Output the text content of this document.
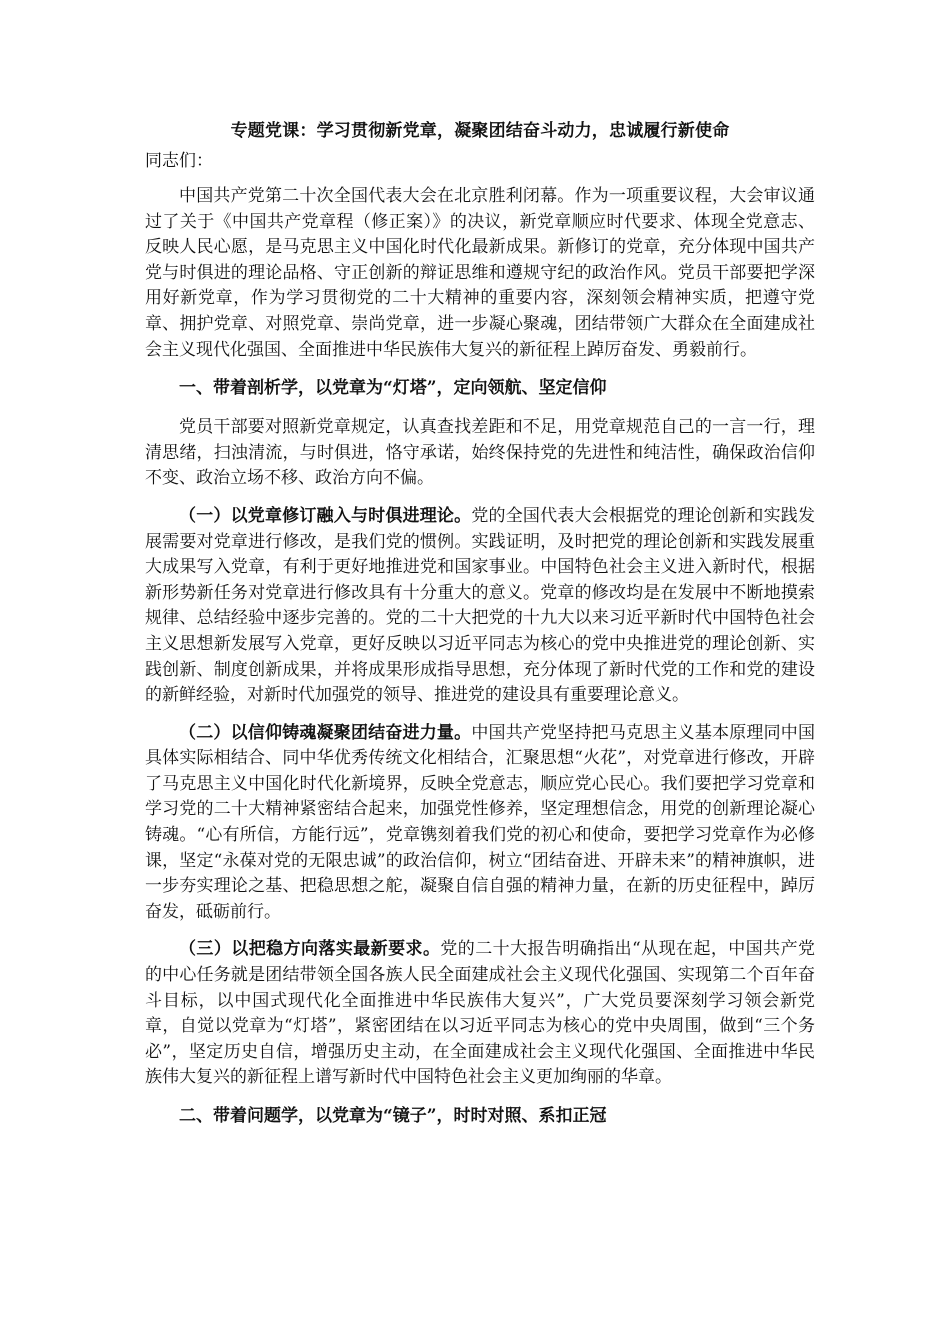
专题党课：学习贯彻新党章，凝聚团结奋斗动力，忠诚履行新使命
同志们：

中国共产党第二十次全国代表大会在北京胜利闭幕。作为一项重要议程，大会审议通过了关于《中国共产党章程（修正案）》的决议，新党章顺应时代要求、体现全党意志、反映人民心愿，是马克思主义中国化时代化最新成果。新修订的党章，充分体现中国共产党与时俱进的理论品格、守正创新的辩证思维和遵规守纪的政治作风。党员干部要把学深用好新党章，作为学习贯彻党的二十大精神的重要内容，深刻领会精神实质，把遵守党章、拥护党章、对照党章、崇尚党章，进一步凝心聚魂，团结带领广大群众在全面建成社会主义现代化强国、全面推进中华民族伟大复兴的新征程上踔厉奋发、勇毅前行。

一、带着剖析学，以党章为“灯塔”，定向领航、坚定信仰

党员干部要对照新党章规定，认真查找差距和不足，用党章规范自己的一言一行，理清思绪，扫浊清流，与时俱进，恪守承诺，始终保持党的先进性和纯洁性，确保政治信仰不变、政治立场不移、政治方向不偏。

（一）以党章修订融入与时俱进理论。党的全国代表大会根据党的理论创新和实践发展需要对党章进行修改，是我们党的惯例。实践证明，及时把党的理论创新和实践发展重大成果写入党章，有利于更好地推进党和国家事业。中国特色社会主义进入新时代，根据新形势新任务对党章进行修改具有十分重大的意义。党章的修改均是在发展中不断地摸索规律、总结经验中逐步完善的。党的二十大把党的十九大以来习近平新时代中国特色社会主义思想新发展写入党章，更好反映以习近平同志为核心的党中央推进党的理论创新、实践创新、制度创新成果，并将成果形成指导思想，充分体现了新时代党的工作和党的建设的新鲜经验，对新时代加强党的领导、推进党的建设具有重要理论意义。

（二）以信仰铸魂凝聚团结奋进力量。中国共产党坚持把马克思主义基本原理同中国具体实际相结合、同中华优秀传统文化相结合，汇聚思想“火花”，对党章进行修改，开辟了马克思主义中国化时代化新境界，反映全党意志，顺应党心民心。我们要把学习党章和学习党的二十大精神紧密结合起来，加强党性修养，坚定理想信念，用党的创新理论凝心铸魂。“心有所信，方能行远”，党章镌刻着我们党的初心和使命，要把学习党章作为必修课，坚定“永葆对党的无限忠诚”的政治信仰，树立“团结奋进、开辟未来”的精神旗帜，进一步夯实理论之基、把稳思想之舵，凝聚自信自强的精神力量，在新的历史征程中，踔厉奋发，砥砺前行。

（三）以把稳方向落实最新要求。党的二十大报告明确指出“从现在起，中国共产党的中心任务就是团结带领全国各族人民全面建成社会主义现代化强国、实现第二个百年奋斗目标，以中国式现代化全面推进中华民族伟大复兴”，广大党员要深刻学习领会新党章，自觉以党章为“灯塔”，紧密团结在以习近平同志为核心的党中央周围，做到“三个务必”，坚定历史自信，增强历史主动，在全面建成社会主义现代化强国、全面推进中华民族伟大复兴的新征程上谱写新时代中国特色社会主义更加绚丽的华章。

二、带着问题学，以党章为“镜子”，时时对照、系扣正冠
